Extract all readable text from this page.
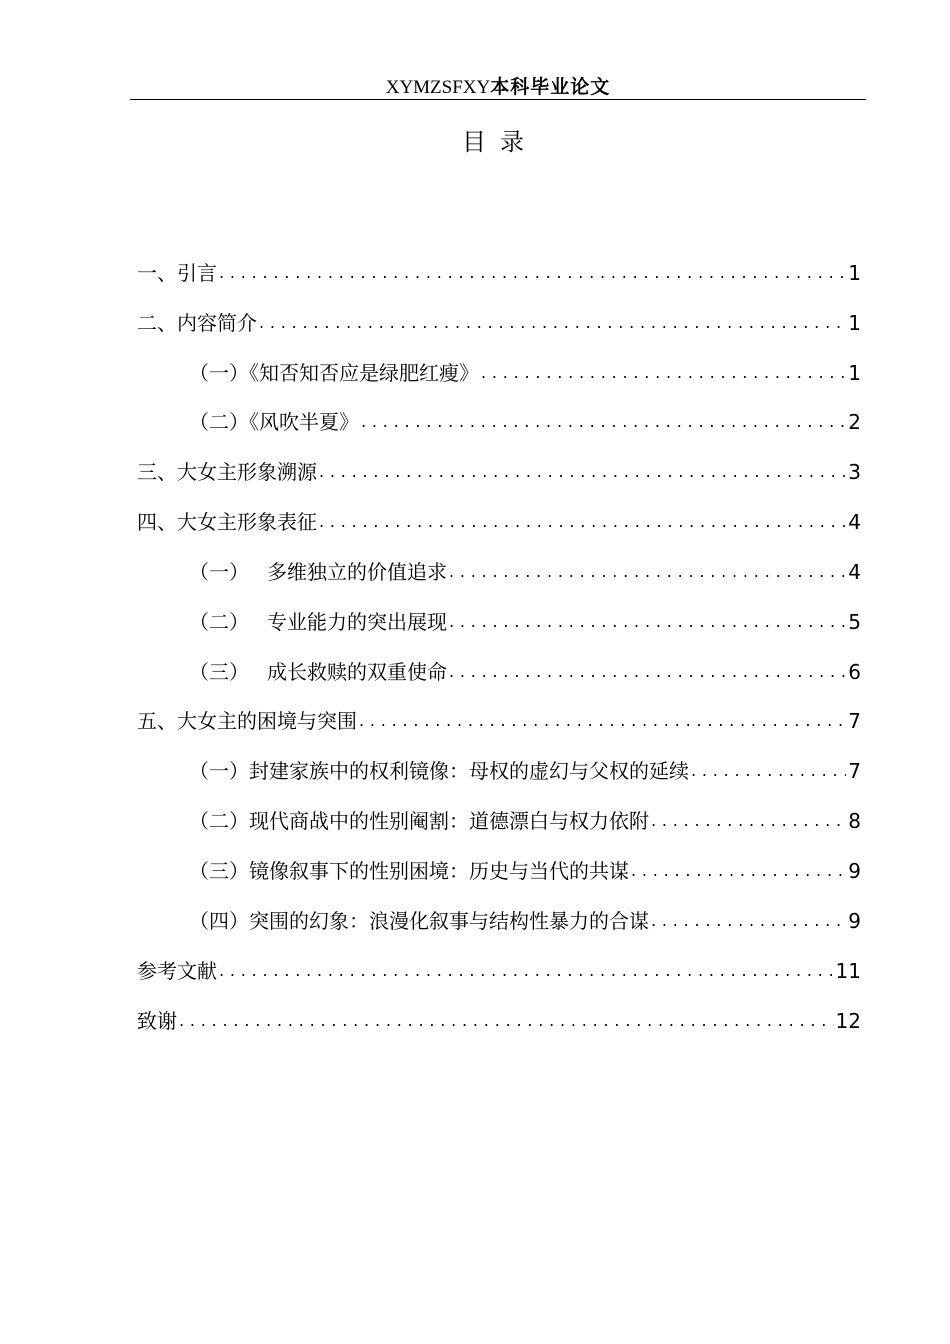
XYMZSFXY本科毕业论文
目录
一、引言 .....	1
二、内容简介 .....	1
（一）《知否知否应是绿肥红瘦》 .....	1
（二）《风吹半夏》 .....	2
三、大女主形象溯源 .....	3
四、大女主形象表征 .....	4
（一） 多维独立的价值追求 .....	4
（二） 专业能力的突出展现 .....	5
（三） 成长救赎的双重使命 .....	6
五、大女主的困境与突围 .....	7
（一）封建家族中的权利镜像：母权的虚幻与父权的延续 .....	7
（二）现代商战中的性别阉割：道德漂白与权力依附 .....	8
（三）镜像叙事下的性别困境：历史与当代的共谋 .....	9
（四）突围的幻象：浪漫化叙事与结构性暴力的合谋 .....	9
参考文献 .....	11
致谢 .....	12
